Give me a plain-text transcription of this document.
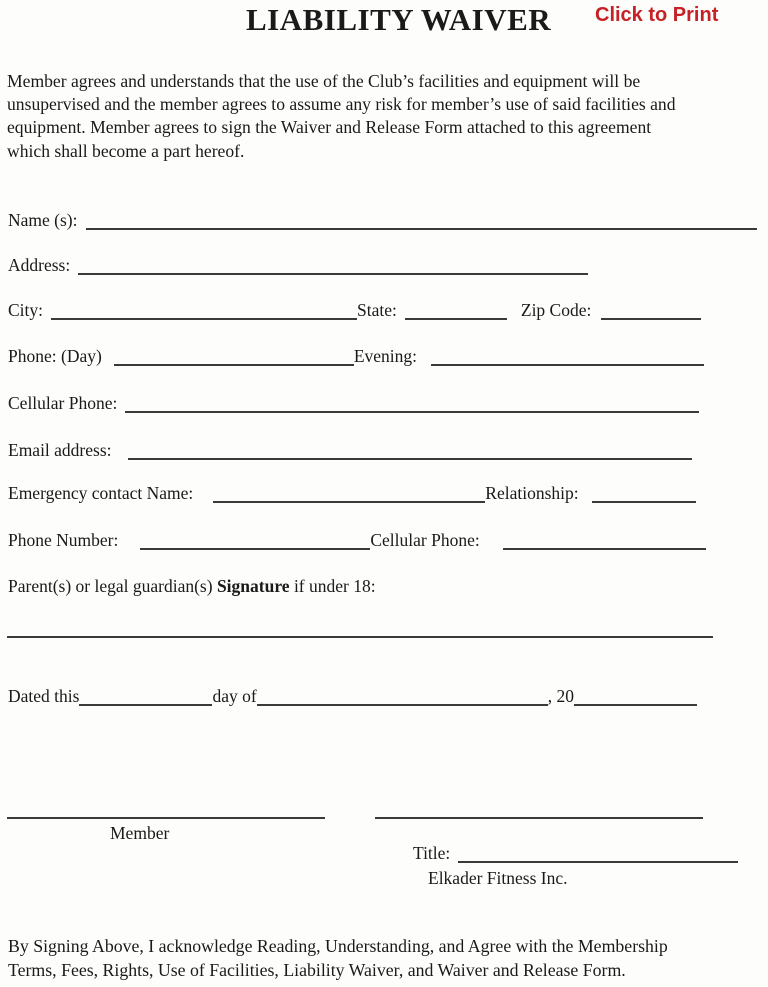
LIABILITY WAIVER Click to Print
Member agrees and understands that the use of the Club’s facilities and equipment will be
unsupervised and the member agrees to assume any risk for member’s use of said facilities and
equipment. Member agrees to sign the Waiver and Release Form attached to this agreement
which shall become a part hereof.
Name (s):
Address:
City:	State:	Zip Code:
Phone: (Day)	Evening:
Cellular Phone:
Email address:
Emergency contact Name:	Relationship:
Phone Number:	Cellular Phone:
Parent(s) or legal guardian(s) Signature if under 18:
Dated this	day of	, 20
Member
Title:
Elkader Fitness Inc.
By Signing Above, I acknowledge Reading, Understanding, and Agree with the Membership
Terms, Fees, Rights, Use of Facilities, Liability Waiver, and Waiver and Release Form.
